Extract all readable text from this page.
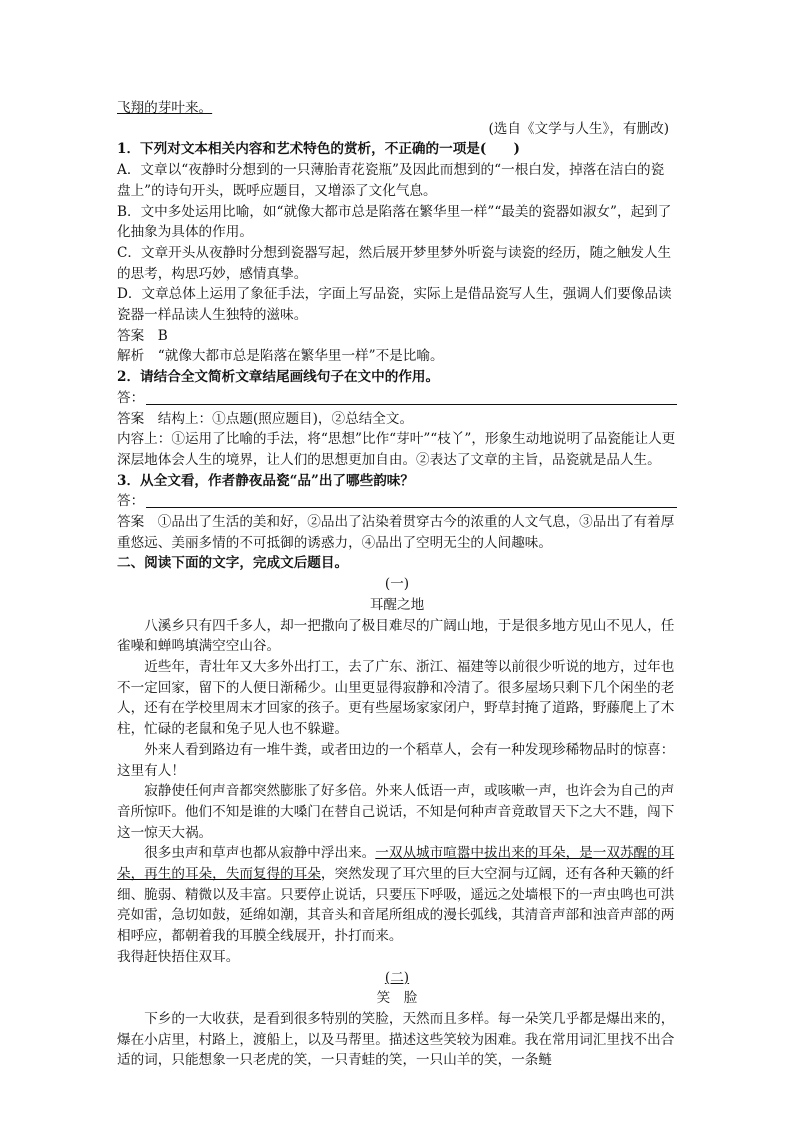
飞翔的芽叶来。

(选自《文学与人生》，有删改)

1．下列对文本相关内容和艺术特色的赏析，不正确的一项是(　　)

A．文章以“夜静时分想到的一只薄胎青花瓷瓶”及因此而想到的“一根白发，掉落在洁白的瓷盘上”的诗句开头，既呼应题目，又增添了文化气息。

B．文中多处运用比喻，如“就像大都市总是陷落在繁华里一样”“最美的瓷器如淑女”，起到了化抽象为具体的作用。

C．文章开头从夜静时分想到瓷器写起，然后展开梦里梦外听瓷与读瓷的经历，随之触发人生的思考，构思巧妙，感情真挚。

D．文章总体上运用了象征手法，字面上写品瓷，实际上是借品瓷写人生，强调人们要像品读瓷器一样品读人生独特的滋味。

答案　B

解析　“就像大都市总是陷落在繁华里一样”不是比喻。

2．请结合全文简析文章结尾画线句子在文中的作用。

答：

答案　结构上：①点题(照应题目)，②总结全文。

内容上：①运用了比喻的手法，将“思想”比作“芽叶”“枝丫”，形象生动地说明了品瓷能让人更深层地体会人生的境界，让人们的思想更加自由。②表达了文章的主旨，品瓷就是品人生。

3．从全文看，作者静夜品瓷“品”出了哪些韵味？

答：

答案　①品出了生活的美和好，②品出了沾染着贯穿古今的浓重的人文气息，③品出了有着厚重悠远、美丽多情的不可抵御的诱惑力，④品出了空明无尘的人间趣味。

二、阅读下面的文字，完成文后题目。

(一)

耳醒之地

八溪乡只有四千多人，却一把撒向了极目难尽的广阔山地，于是很多地方见山不见人，任雀噪和蝉鸣填满空空山谷。

近些年，青壮年又大多外出打工，去了广东、浙江、福建等以前很少听说的地方，过年也不一定回家，留下的人便日渐稀少。山里更显得寂静和冷清了。很多屋场只剩下几个闲坐的老人，还有在学校里周末才回家的孩子。更有些屋场家家闭户，野草封掩了道路，野藤爬上了木柱，忙碌的老鼠和兔子见人也不躲避。

外来人看到路边有一堆牛粪，或者田边的一个稻草人，会有一种发现珍稀物品时的惊喜：这里有人！

寂静使任何声音都突然膨胀了好多倍。外来人低语一声，或咳嗽一声，也许会为自己的声音所惊吓。他们不知是谁的大嗓门在替自己说话，不知是何种声音竟敢冒天下之大不韪，闯下这一惊天大祸。

很多虫声和草声也都从寂静中浮出来。一双从城市喧嚣中拔出来的耳朵，是一双苏醒的耳朵，再生的耳朵，失而复得的耳朵，突然发现了耳穴里的巨大空洞与辽阔，还有各种天籁的纤细、脆弱、精微以及丰富。只要停止说话，只要压下呼吸，遥远之处墙根下的一声虫鸣也可洪亮如雷，急切如鼓，延绵如潮，其音头和音尾所组成的漫长弧线，其清音声部和浊音声部的两相呼应，都朝着我的耳膜全线展开，扑打而来。

我得赶快捂住双耳。

(二)

笑　脸

下乡的一大收获，是看到很多特别的笑脸，天然而且多样。每一朵笑几乎都是爆出来的，爆在小店里，村路上，渡船上，以及马帮里。描述这些笑较为困难。我在常用词汇里找不出合适的词，只能想象一只老虎的笑，一只青蛙的笑，一只山羊的笑，一条鲢
